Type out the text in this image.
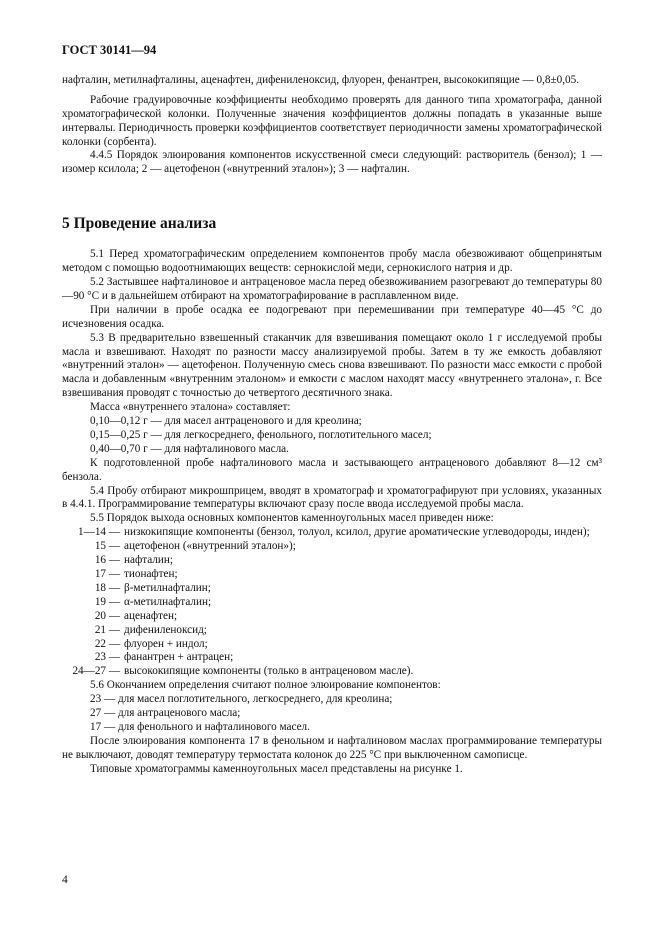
ГОСТ 30141—94

нафталин, метилнафталины, аценафтен, дифениленоксид, флуорен, фенантрен, высококипящие — 0,8±0,05.

Рабочие градуировочные коэффициенты необходимо проверять для данного типа хроматографа, данной хроматографической колонки. Полученные значения коэффициентов должны попадать в указанные выше интервалы. Периодичность проверки коэффициентов соответствует периодичности замены хроматографической колонки (сорбента).

4.4.5 Порядок элюирования компонентов искусственной смеси следующий: растворитель (бензол); 1 — изомер ксилола; 2 — ацетофенон («внутренний эталон»); 3 — нафталин.

5 Проведение анализа

5.1 Перед хроматографическим определением компонентов пробу масла обезвоживают общепринятым методом с помощью водоотнимающих веществ: сернокислой меди, сернокислого натрия и др.

5.2 Застывшее нафталиновое и антраценовое масла перед обезвоживанием разогревают до температуры 80—90 °С и в дальнейшем отбирают на хроматографирование в расплавленном виде.

При наличии в пробе осадка ее подогревают при перемешивании при температуре 40—45 °С до исчезновения осадка.

5.3 В предварительно взвешенный стаканчик для взвешивания помещают около 1 г исследуемой пробы масла и взвешивают. Находят по разности массу анализируемой пробы. Затем в ту же емкость добавляют «внутренний эталон» — ацетофенон. Полученную смесь снова взвешивают. По разности масс емкости с пробой масла и добавленным «внутренним эталоном» и емкости с маслом находят массу «внутреннего эталона», г. Все взвешивания проводят с точностью до четвертого десятичного знака.

Масса «внутреннего эталона» составляет:

0,10—0,12 г — для масел антраценового и для креолина;

0,15—0,25 г — для легкосреднего, фенольного, поглотительного масел;

0,40—0,70 г — для нафталинового масла.

К подготовленной пробе нафталинового масла и застывающего антраценового добавляют 8—12 см³ бензола.

5.4 Пробу отбирают микрошприцем, вводят в хроматограф и хроматографируют при условиях, указанных в 4.4.1. Программирование температуры включают сразу после ввода исследуемой пробы масла.

5.5 Порядок выхода основных компонентов каменноугольных масел приведен ниже:

1—14 — низкокипящие компоненты (бензол, толуол, ксилол, другие ароматические углеводороды, инден);
15 — ацетофенон («внутренний эталон»);
16 — нафталин;
17 — тионафтен;
18 — β-метилнафталин;
19 — α-метилнафталин;
20 — аценафтен;
21 — дифениленоксид;
22 — флуорен + индол;
23 — фанантрен + антрацен;
24—27 — высококипящие компоненты (только в антраценовом масле).

5.6 Окончанием определения считают полное элюирование компонентов:

23 — для масел поглотительного, легкосреднего, для креолина;

27 — для антраценового масла;

17 — для фенольного и нафталинового масел.

После элюирования компонента 17 в фенольном и нафталиновом маслах программирование температуры не выключают, доводят температуру термостата колонок до 225 °С при выключенном самописце.

Типовые хроматограммы каменноугольных масел представлены на рисунке 1.

4
